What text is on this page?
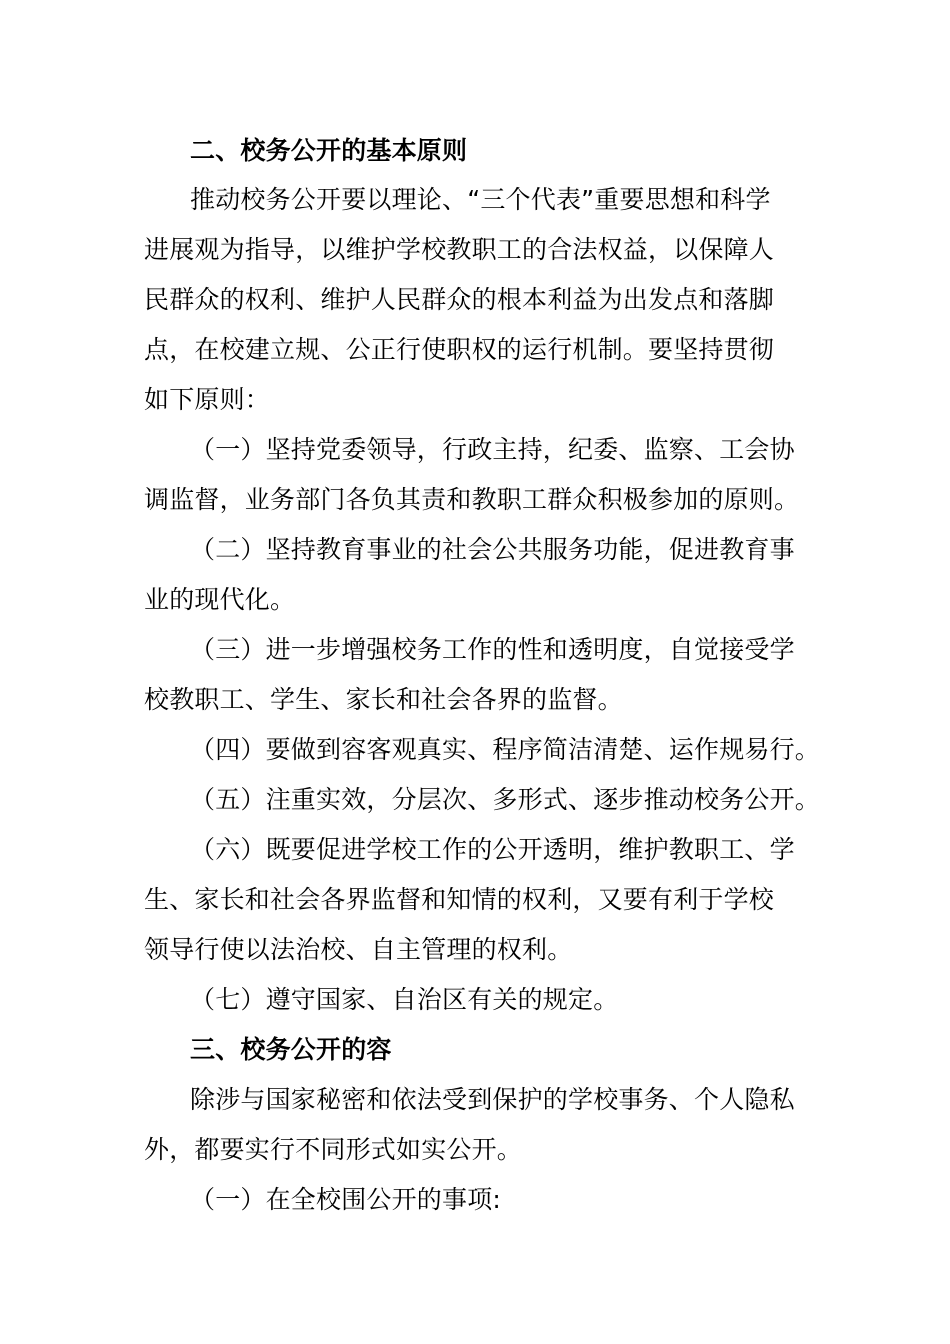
二、校务公开的基本原则
推动校务公开要以理论、“三个代表”重要思想和科学
进展观为指导，以维护学校教职工的合法权益，以保障人
民群众的权利、维护人民群众的根本利益为出发点和落脚
点，在校建立规、公正行使职权的运行机制。要坚持贯彻
如下原则：
（一）坚持党委领导，行政主持，纪委、监察、工会协
调监督，业务部门各负其责和教职工群众积极参加的原则。
（二）坚持教育事业的社会公共服务功能，促进教育事
业的现代化。
（三）进一步增强校务工作的性和透明度，自觉接受学
校教职工、学生、家长和社会各界的监督。
（四）要做到容客观真实、程序简洁清楚、运作规易行。
（五）注重实效，分层次、多形式、逐步推动校务公开。
（六）既要促进学校工作的公开透明，维护教职工、学
生、家长和社会各界监督和知情的权利，又要有利于学校
领导行使以法治校、自主管理的权利。
（七）遵守国家、自治区有关的规定。
三、校务公开的容
除涉与国家秘密和依法受到保护的学校事务、个人隐私
外，都要实行不同形式如实公开。
（一）在全校围公开的事项:
